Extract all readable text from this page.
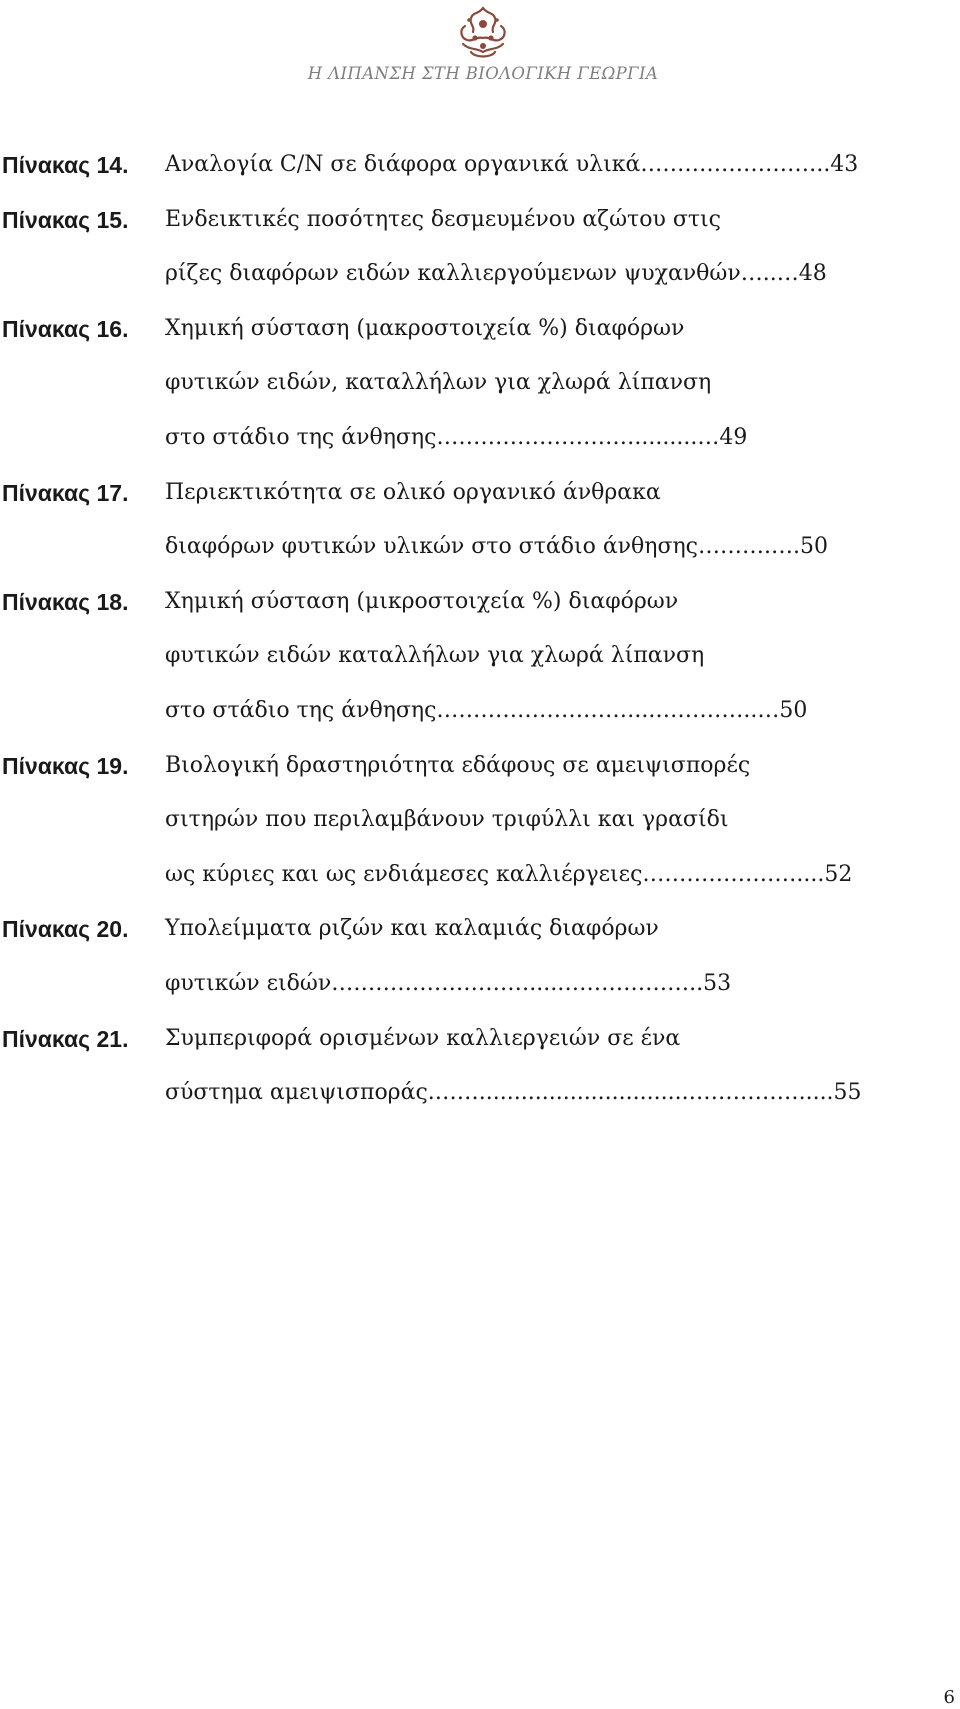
Η ΛΙΠΑΝΣΗ ΣΤΗ ΒΙΟΛΟΓΙΚΗ ΓΕΩΡΓΙΑ
Πίνακας 14. Αναλογία C/N σε διάφορα οργανικά υλικά……………………..43
Πίνακας 15. Ενδεικτικές ποσότητες δεσμευμένου αζώτου στις
ρίζες διαφόρων ειδών καλλιεργούμενων ψυχανθών…..…48
Πίνακας 16. Χημική σύσταση (μακροστοιχεία %) διαφόρων
φυτικών ειδών, καταλλήλων για χλωρά λίπανση
στο στάδιο της άνθησης……………………….........…49
Πίνακας 17. Περιεκτικότητα σε ολικό οργανικό άνθρακα
διαφόρων φυτικών υλικών στο στάδιο άνθησης……….….50
Πίνακας 18. Χημική σύσταση (μικροστοιχεία %) διαφόρων
φυτικών ειδών καταλλήλων για χλωρά λίπανση
στο στάδιο της άνθησης………………………...…………..…50
Πίνακας 19. Βιολογική δραστηριότητα εδάφους σε αμειψισπορές
σιτηρών που περιλαμβάνουν τριφύλλι και γρασίδι
ως κύριες και ως ενδιάμεσες καλλιέργειες…………………....52
Πίνακας 20. Υπολείμματα ριζών και καλαμιάς διαφόρων
φυτικών ειδών………………………....………………..53
Πίνακας 21. Συμπεριφορά ορισμένων καλλιεργειών σε ένα
σύστημα αμειψισποράς.……..............................…………….....55
6
